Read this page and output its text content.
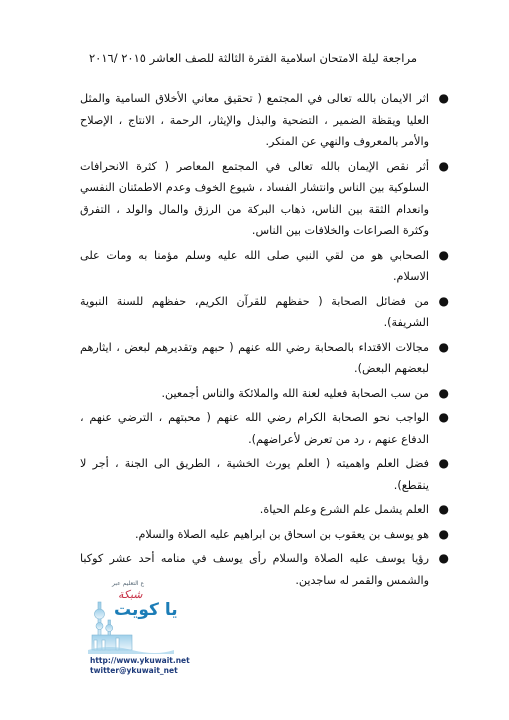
مراجعة ليلة الامتحان اسلامية الفترة الثالثة للصف العاشر ٢٠١٥ /٢٠١٦
●
اثر الايمان بالله تعالى في المجتمع ( تحقيق معاني الأخلاق السامية والمثل العليا ويقظة الضمير ، التضحية والبذل والإيثار، الرحمة ، الانتاج ، الإصلاح والأمر بالمعروف والنهي عن المنكر.
●
أثر نقص الإيمان بالله تعالى في المجتمع المعاصر ( كثرة الانحرافات السلوكية بين الناس وانتشار الفساد ، شيوع الخوف وعدم الاطمئنان النفسي وانعدام الثقة بين الناس، ذهاب البركة من الرزق والمال والولد ، التفرق وكثرة الصراعات والخلافات بين الناس.
●
الصحابي هو من لقي النبي صلى الله عليه وسلم مؤمنا به ومات على الاسلام.
●
من فضائل الصحابة ( حفظهم للقرآن الكريم، حفظهم للسنة النبوية الشريفة).
●
مجالات الاقتداء بالصحابة رضي الله عنهم ( حبهم وتقديرهم لبعض ، ايثارهم لبعضهم البعض).
●
من سب الصحابة فعليه لعنة الله والملائكة والناس أجمعين.
●
الواجب نحو الصحابة الكرام رضي الله عنهم ( محبتهم ، الترضي عنهم ، الدفاع عنهم ، رد من تعرض لأعراضهم).
●
فضل العلم واهميته ( العلم يورث الخشية ، الطريق الى الجنة ، أجر لا ينقطع).
●
العلم يشمل علم الشرع وعلم الحياة.
●
هو يوسف بن يعقوب بن اسحاق بن ابراهيم عليه الصلاة والسلام.
●
رؤيا يوسف عليه الصلاة والسلام رأى يوسف في منامه أحد عشر كوكبا والشمس والقمر له ساجدين.
ع التعليم عبر
شبكة
يا كويت
http://www.ykuwait.net
twitter@ykuwait_net
